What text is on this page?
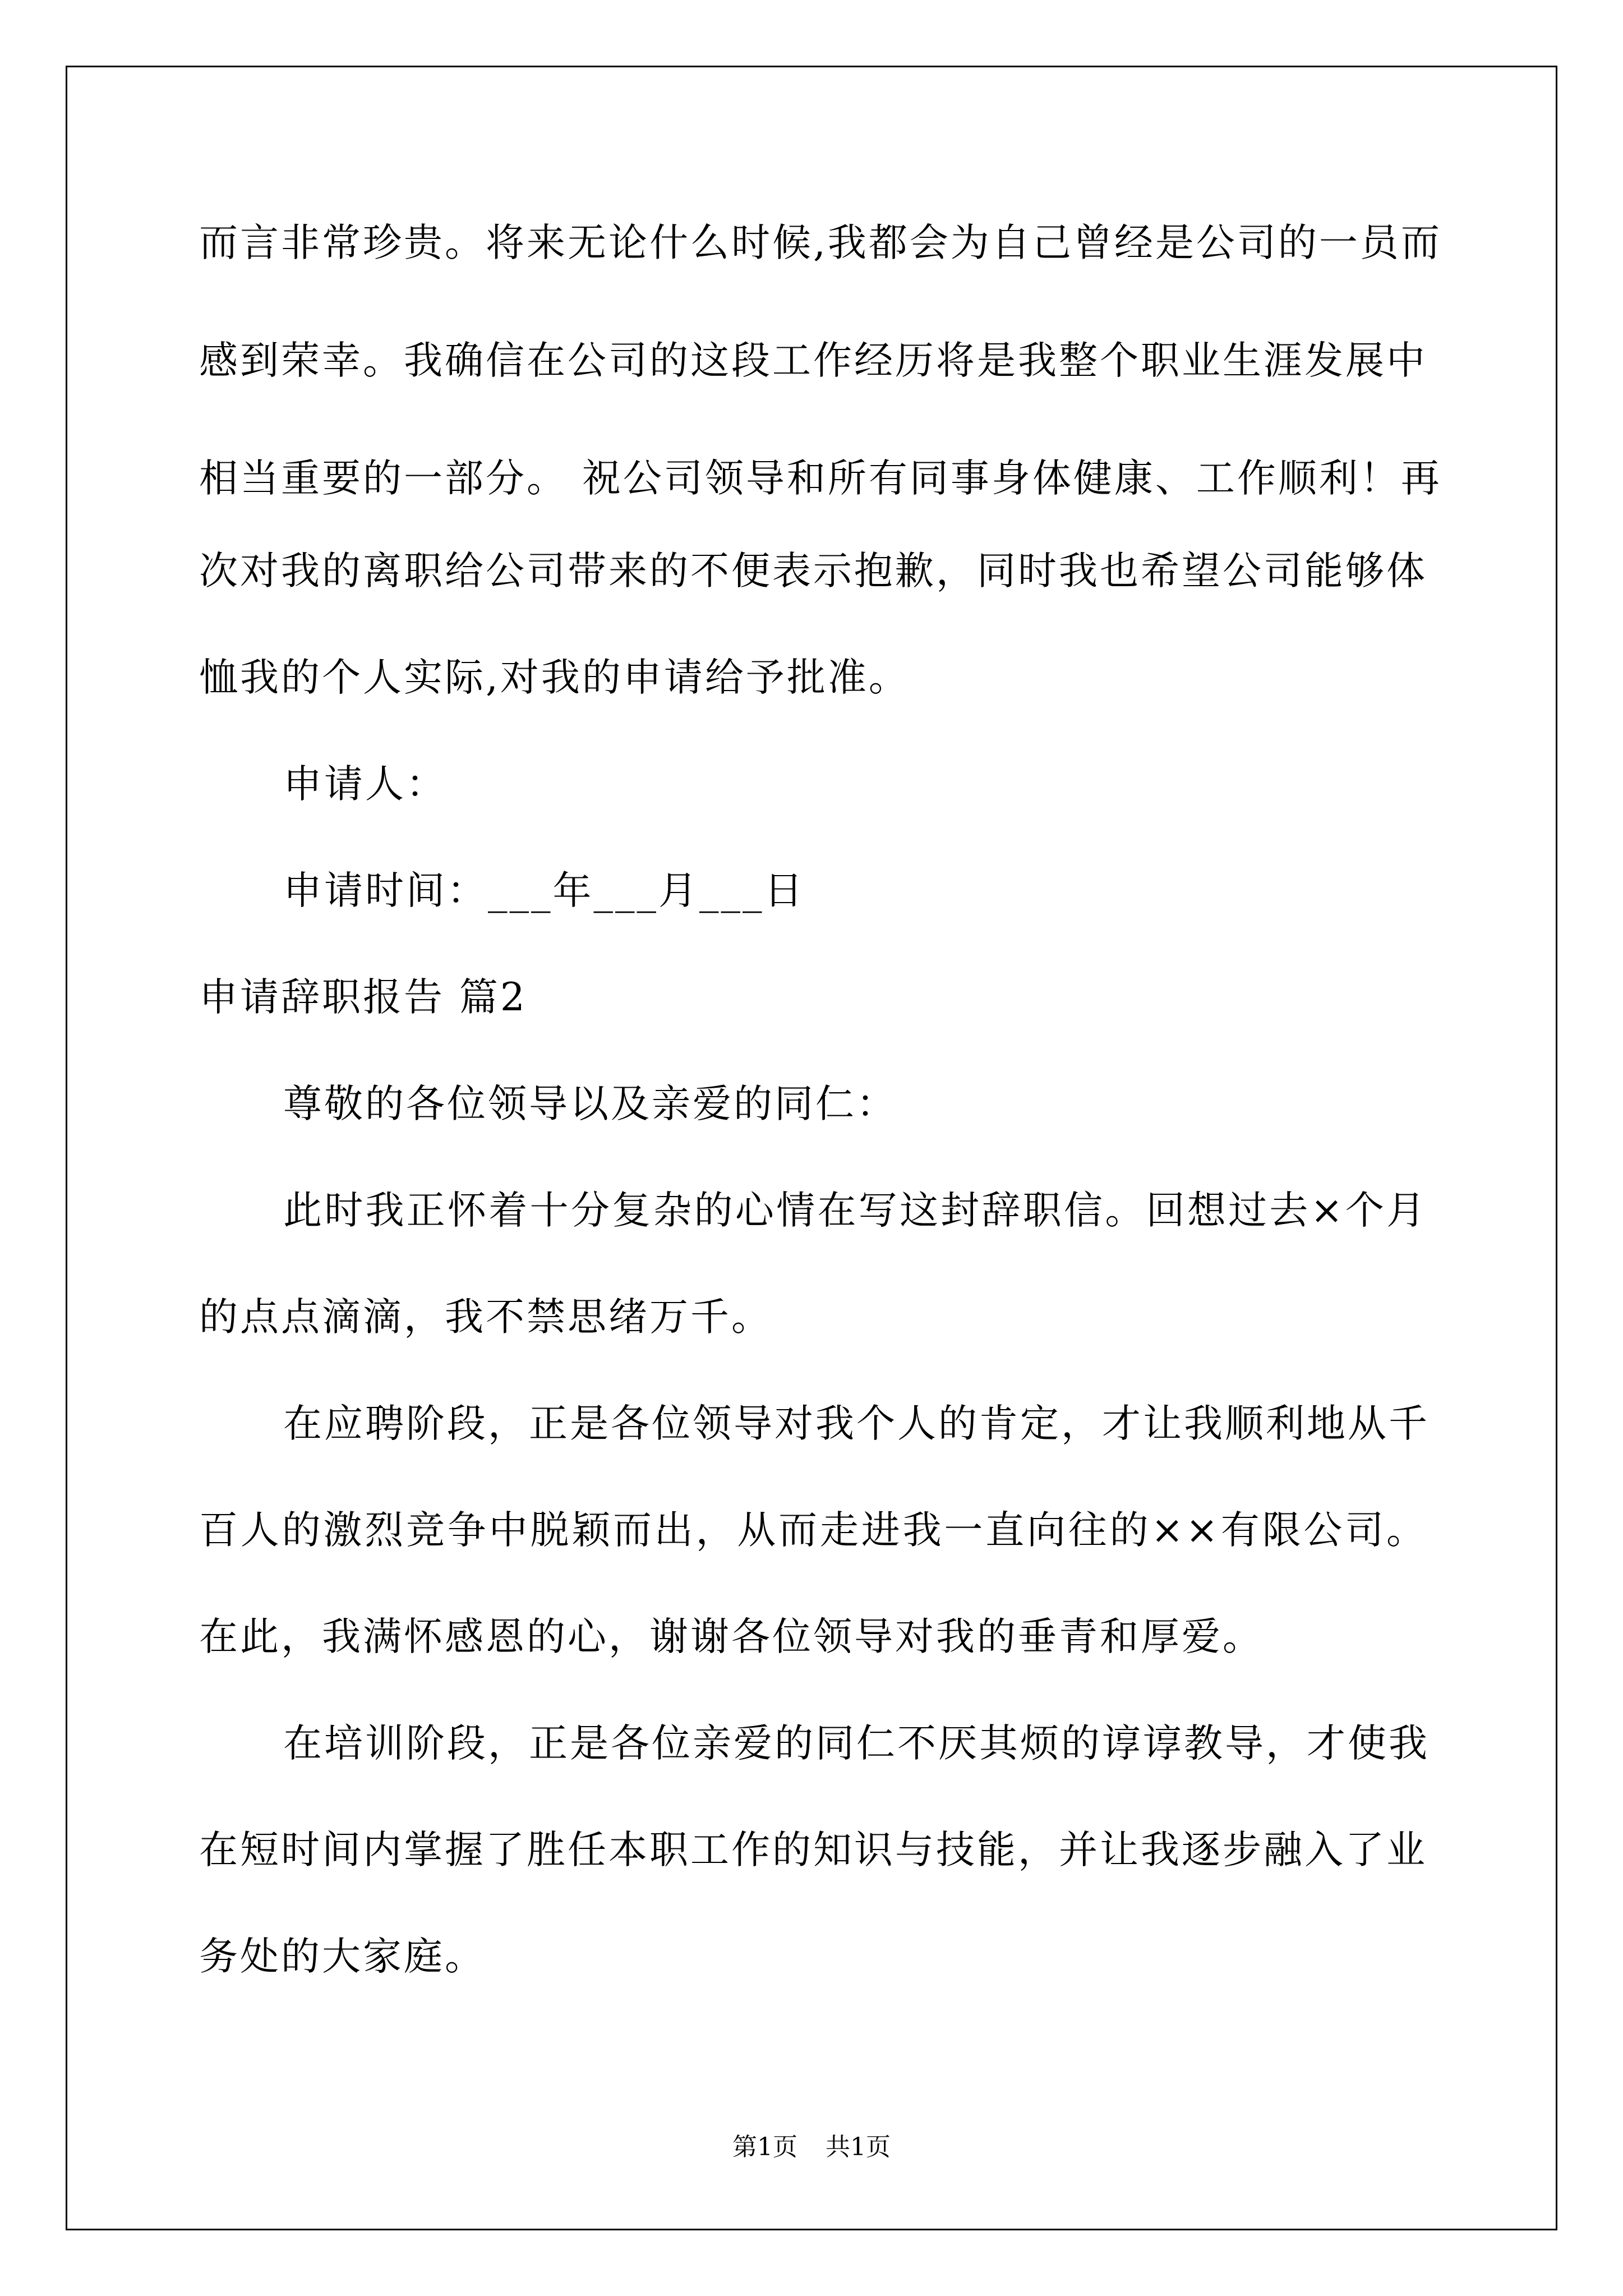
而言非常珍贵。将来无论什么时候,我都会为自己曾经是公司的一员而
感到荣幸。我确信在公司的这段工作经历将是我整个职业生涯发展中
相当重要的一部分。 祝公司领导和所有同事身体健康、工作顺利！再
次对我的离职给公司带来的不便表示抱歉，同时我也希望公司能够体
恤我的个人实际,对我的申请给予批准。
申请人：
申请时间：___年___月___日
申请辞职报告 篇2
尊敬的各位领导以及亲爱的同仁：
此时我正怀着十分复杂的心情在写这封辞职信。回想过去×个月
的点点滴滴，我不禁思绪万千。
在应聘阶段，正是各位领导对我个人的肯定，才让我顺利地从千
百人的激烈竞争中脱颖而出，从而走进我一直向往的××有限公司。
在此，我满怀感恩的心，谢谢各位领导对我的垂青和厚爱。
在培训阶段，正是各位亲爱的同仁不厌其烦的谆谆教导，才使我
在短时间内掌握了胜任本职工作的知识与技能，并让我逐步融入了业
务处的大家庭。
第1页 共1页
